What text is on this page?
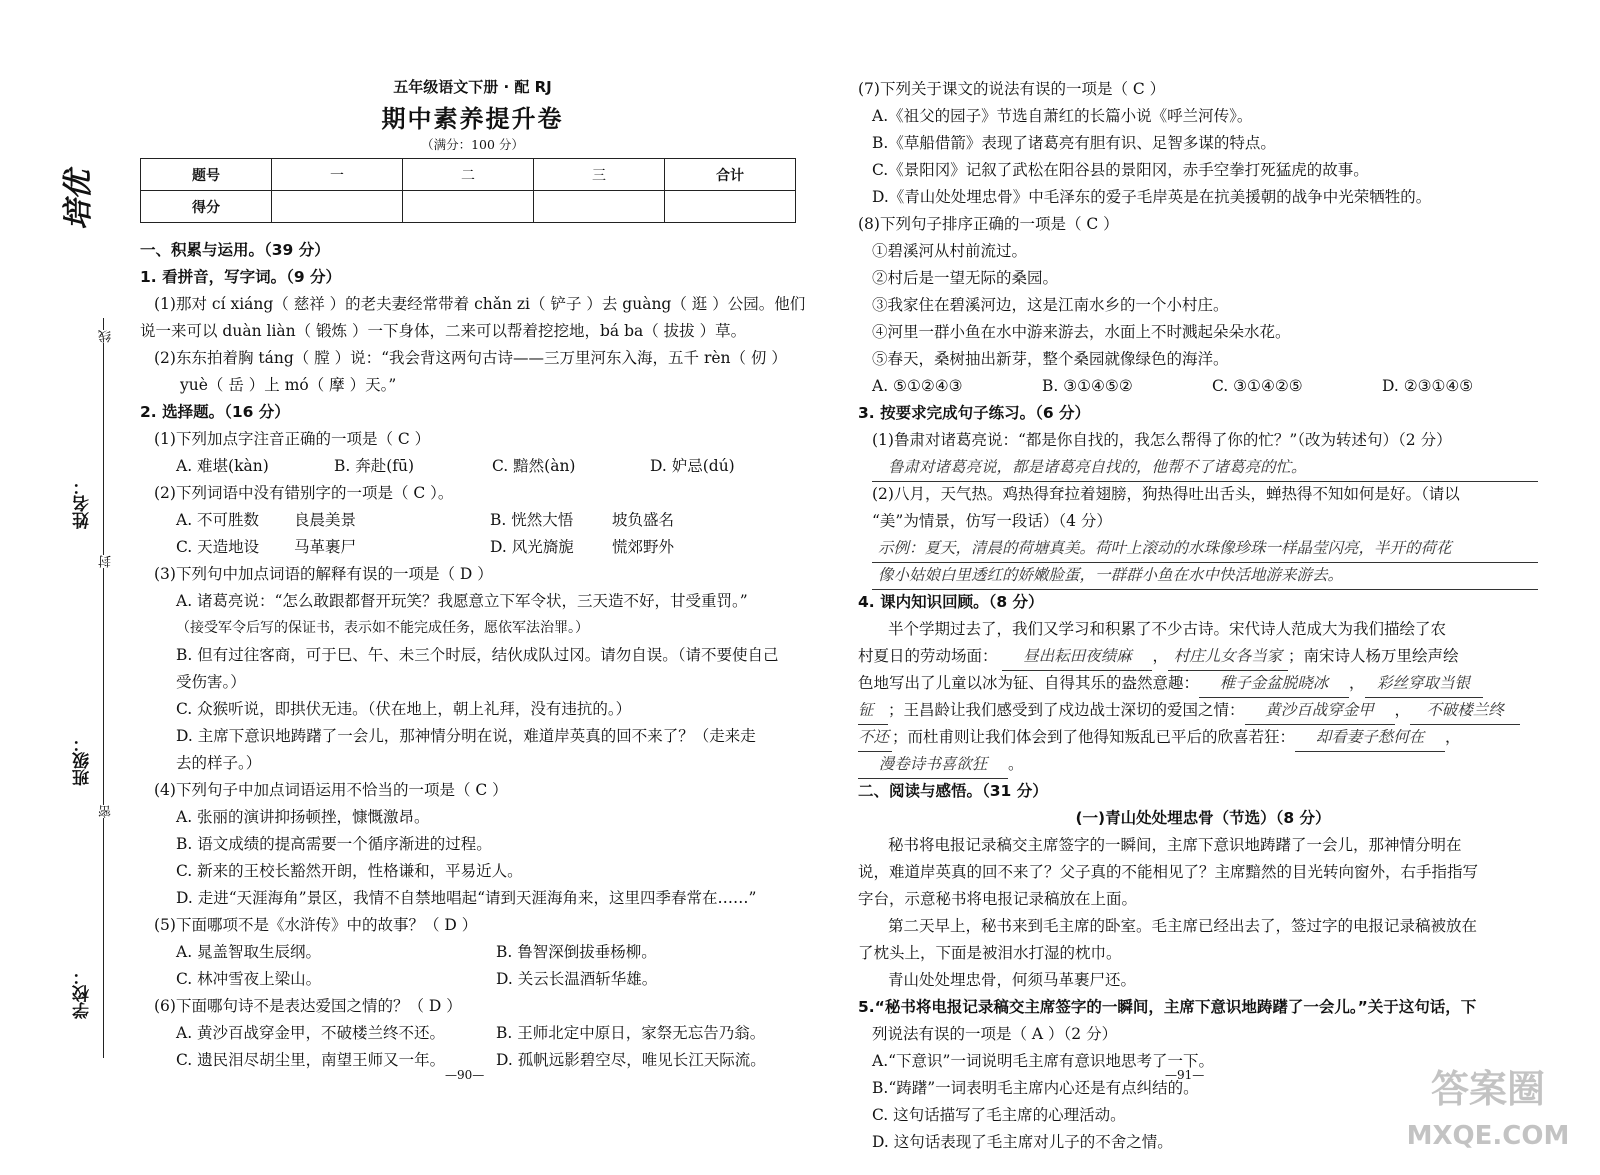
培优
线
封
密
姓名：
班级：
学校：
五年级语文下册 · 配 RJ
期中素养提升卷
（满分：100 分）
题号	一	二	三	合计
得分				
一、积累与运用。（39 分）
1. 看拼音，写字词。（9 分）
(1)那对 cí xiáng（ 慈祥 ）的老夫妻经常带着 chǎn zi（ 铲子 ）去 guàng（ 逛 ）公园。他们
说一来可以 duàn liàn（ 锻炼 ）一下身体，二来可以帮着挖挖地，bá ba（ 拔拔 ）草。
(2)东东拍着胸 táng（ 膛 ）说：“我会背这两句古诗——三万里河东入海，五千 rèn（ 仞 ）
yuè（ 岳 ）上 mó（ 摩 ）天。”
2. 选择题。（16 分）
(1)下列加点字注音正确的一项是（ C ）
A. 难堪(kàn)	B. 奔赴(fū)	C. 黯然(àn)	D. 妒忌(dú)
(2)下列词语中没有错别字的一项是（ C ）。
A. 不可胜数 良晨美景	B. 恍然大悟	坡负盛名
C. 天造地设 马革裹尸	D. 风光旖旎 慌郊野外
(3)下列句中加点词语的解释有误的一项是（ D ）
A. 诸葛亮说：“怎么敢跟都督开玩笑？我愿意立下军令状，三天造不好，甘受重罚。”
（接受军令后写的保证书，表示如不能完成任务，愿依军法治罪。）
B. 但有过往客商，可于巳、午、未三个时辰，结伙成队过冈。请勿自误。（请不要使自己
受伤害。）
C. 众猴听说，即拱伏无违。（伏在地上，朝上礼拜，没有违抗的。）
D. 主席下意识地踌躇了一会儿，那神情分明在说，难道岸英真的回不来了？（走来走
去的样子。）
(4)下列句子中加点词语运用不恰当的一项是（ C ）
A. 张丽的演讲抑扬顿挫，慷慨激昂。
B. 语文成绩的提高需要一个循序渐进的过程。
C. 新来的王校长豁然开朗，性格谦和，平易近人。
D. 走进“天涯海角”景区，我情不自禁地唱起“请到天涯海角来，这里四季春常在……”
(5)下面哪项不是《水浒传》中的故事？（ D ）
A. 晁盖智取生辰纲。	B. 鲁智深倒拔垂杨柳。
C. 林冲雪夜上梁山。	D. 关云长温酒斩华雄。
(6)下面哪句诗不是表达爱国之情的？（ D ）
A. 黄沙百战穿金甲，不破楼兰终不还。	B. 王师北定中原日，家祭无忘告乃翁。
C. 遗民泪尽胡尘里，南望王师又一年。	D. 孤帆远影碧空尽，唯见长江天际流。
(7)下列关于课文的说法有误的一项是（ C ）
A.《祖父的园子》节选自萧红的长篇小说《呼兰河传》。
B.《草船借箭》表现了诸葛亮有胆有识、足智多谋的特点。
C.《景阳冈》记叙了武松在阳谷县的景阳冈，赤手空拳打死猛虎的故事。
D.《青山处处埋忠骨》中毛泽东的爱子毛岸英是在抗美援朝的战争中光荣牺牲的。
(8)下列句子排序正确的一项是（ C ）
①碧溪河从村前流过。
②村后是一望无际的桑园。
③我家住在碧溪河边，这是江南水乡的一个小村庄。
④河里一群小鱼在水中游来游去，水面上不时溅起朵朵水花。
⑤春天，桑树抽出新芽，整个桑园就像绿色的海洋。
A. ⑤①②④③	B. ③①④⑤②	C. ③①④②⑤	D. ②③①④⑤
3. 按要求完成句子练习。（6 分）
(1)鲁肃对诸葛亮说：“都是你自找的，我怎么帮得了你的忙？”（改为转述句）（2 分）
鲁肃对诸葛亮说，都是诸葛亮自找的，他帮不了诸葛亮的忙。
(2)八月，天气热。鸡热得耷拉着翅膀，狗热得吐出舌头，蝉热得不知如何是好。（请以
“美”为情景，仿写一段话）（4 分）
示例：夏天，清晨的荷塘真美。荷叶上滚动的水珠像珍珠一样晶莹闪亮，半开的荷花
像小姑娘白里透红的娇嫩脸蛋，一群群小鱼在水中快活地游来游去。
4. 课内知识回顾。（8 分）
半个学期过去了，我们又学习和积累了不少古诗。宋代诗人范成大为我们描绘了农
村夏日的劳动场面： 昼出耘田夜绩麻 ， 村庄儿女各当家 ；南宋诗人杨万里绘声绘
色地写出了儿童以冰为钲、自得其乐的盎然意趣： 稚子金盆脱晓冰 ， 彩丝穿取当银
钲 ；王昌龄让我们感受到了戍边战士深切的爱国之情： 黄沙百战穿金甲 ， 不破楼兰终
不还 ；而杜甫则让我们体会到了他得知叛乱已平后的欣喜若狂： 却看妻子愁何在 ，
漫卷诗书喜欲狂 。
二、阅读与感悟。（31 分）
(一)青山处处埋忠骨（节选）（8 分）
秘书将电报记录稿交主席签字的一瞬间，主席下意识地踌躇了一会儿，那神情分明在
说，难道岸英真的回不来了？父子真的不能相见了？主席黯然的目光转向窗外，右手指指写
字台，示意秘书将电报记录稿放在上面。
第二天早上，秘书来到毛主席的卧室。毛主席已经出去了，签过字的电报记录稿被放在
了枕头上，下面是被泪水打湿的枕巾。
青山处处埋忠骨，何须马革裹尸还。
5.“秘书将电报记录稿交主席签字的一瞬间，主席下意识地踌躇了一会儿。”关于这句话，下
列说法有误的一项是（ A ）（2 分）
A.“下意识”一词说明毛主席有意识地思考了一下。
B.“踌躇”一词表明毛主席内心还是有点纠结的。
C. 这句话描写了毛主席的心理活动。
D. 这句话表现了毛主席对儿子的不舍之情。
—90—	—91—	答案圈
MXQE.COM
